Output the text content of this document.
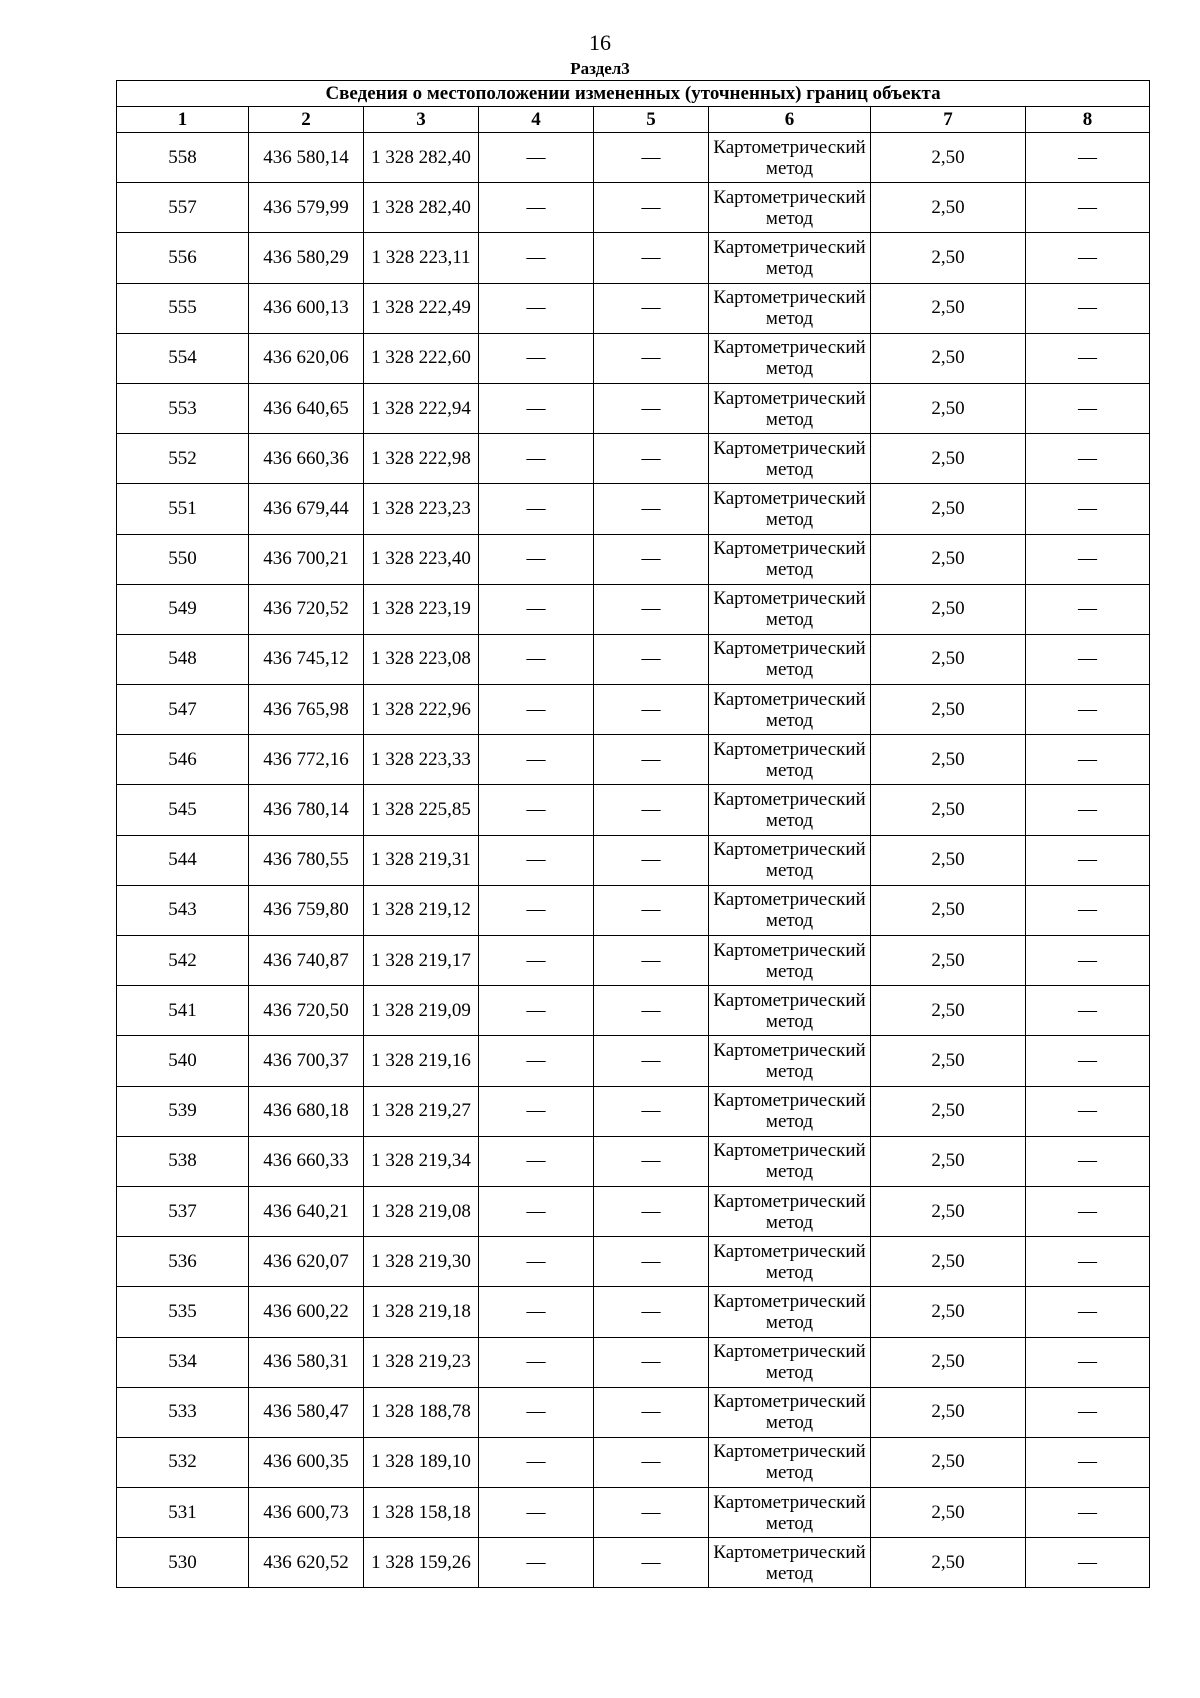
16
Раздел3
Сведения о местоположении измененных (уточненных) границ объекта							
1	2	3	4	5	6	7	8
558	436 580,14	1 328 282,40	—	—	Картометрический метод	2,50	—
557	436 579,99	1 328 282,40	—	—	Картометрический метод	2,50	—
556	436 580,29	1 328 223,11	—	—	Картометрический метод	2,50	—
555	436 600,13	1 328 222,49	—	—	Картометрический метод	2,50	—
554	436 620,06	1 328 222,60	—	—	Картометрический метод	2,50	—
553	436 640,65	1 328 222,94	—	—	Картометрический метод	2,50	—
552	436 660,36	1 328 222,98	—	—	Картометрический метод	2,50	—
551	436 679,44	1 328 223,23	—	—	Картометрический метод	2,50	—
550	436 700,21	1 328 223,40	—	—	Картометрический метод	2,50	—
549	436 720,52	1 328 223,19	—	—	Картометрический метод	2,50	—
548	436 745,12	1 328 223,08	—	—	Картометрический метод	2,50	—
547	436 765,98	1 328 222,96	—	—	Картометрический метод	2,50	—
546	436 772,16	1 328 223,33	—	—	Картометрический метод	2,50	—
545	436 780,14	1 328 225,85	—	—	Картометрический метод	2,50	—
544	436 780,55	1 328 219,31	—	—	Картометрический метод	2,50	—
543	436 759,80	1 328 219,12	—	—	Картометрический метод	2,50	—
542	436 740,87	1 328 219,17	—	—	Картометрический метод	2,50	—
541	436 720,50	1 328 219,09	—	—	Картометрический метод	2,50	—
540	436 700,37	1 328 219,16	—	—	Картометрический метод	2,50	—
539	436 680,18	1 328 219,27	—	—	Картометрический метод	2,50	—
538	436 660,33	1 328 219,34	—	—	Картометрический метод	2,50	—
537	436 640,21	1 328 219,08	—	—	Картометрический метод	2,50	—
536	436 620,07	1 328 219,30	—	—	Картометрический метод	2,50	—
535	436 600,22	1 328 219,18	—	—	Картометрический метод	2,50	—
534	436 580,31	1 328 219,23	—	—	Картометрический метод	2,50	—
533	436 580,47	1 328 188,78	—	—	Картометрический метод	2,50	—
532	436 600,35	1 328 189,10	—	—	Картометрический метод	2,50	—
531	436 600,73	1 328 158,18	—	—	Картометрический метод	2,50	—
530	436 620,52	1 328 159,26	—	—	Картометрический метод	2,50	—
